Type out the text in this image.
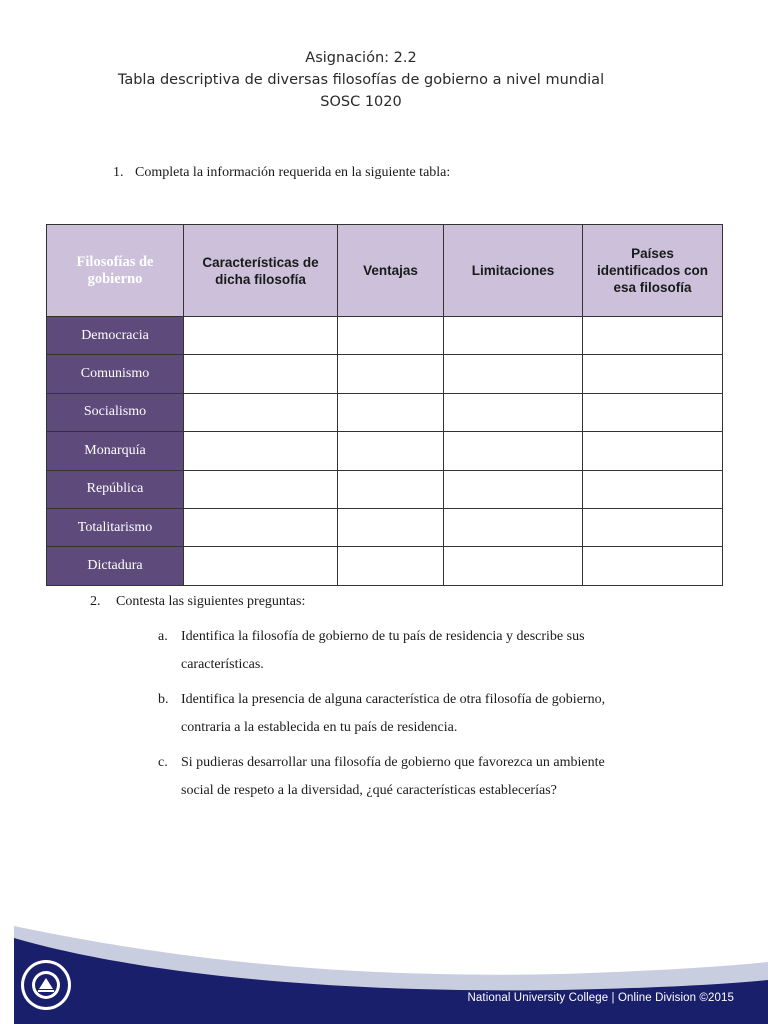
Asignación: 2.2
Tabla descriptiva de diversas filosofías de gobierno a nivel mundial
SOSC 1020
1. Completa la información requerida en la siguiente tabla:
Filosofías de gobierno	Características de dicha filosofía	Ventajas	Limitaciones	Países identificados con esa filosofía
Democracia				
Comunismo				
Socialismo				
Monarquía				
República				
Totalitarismo				
Dictadura				
2. Contesta las siguientes preguntas:
a. Identifica la filosofía de gobierno de tu país de residencia y describe sus características.
b. Identifica la presencia de alguna característica de otra filosofía de gobierno, contraria a la establecida en tu país de residencia.
c. Si pudieras desarrollar una filosofía de gobierno que favorezca un ambiente social de respeto a la diversidad, ¿qué características establecerías?
National University College | Online Division ©2015
